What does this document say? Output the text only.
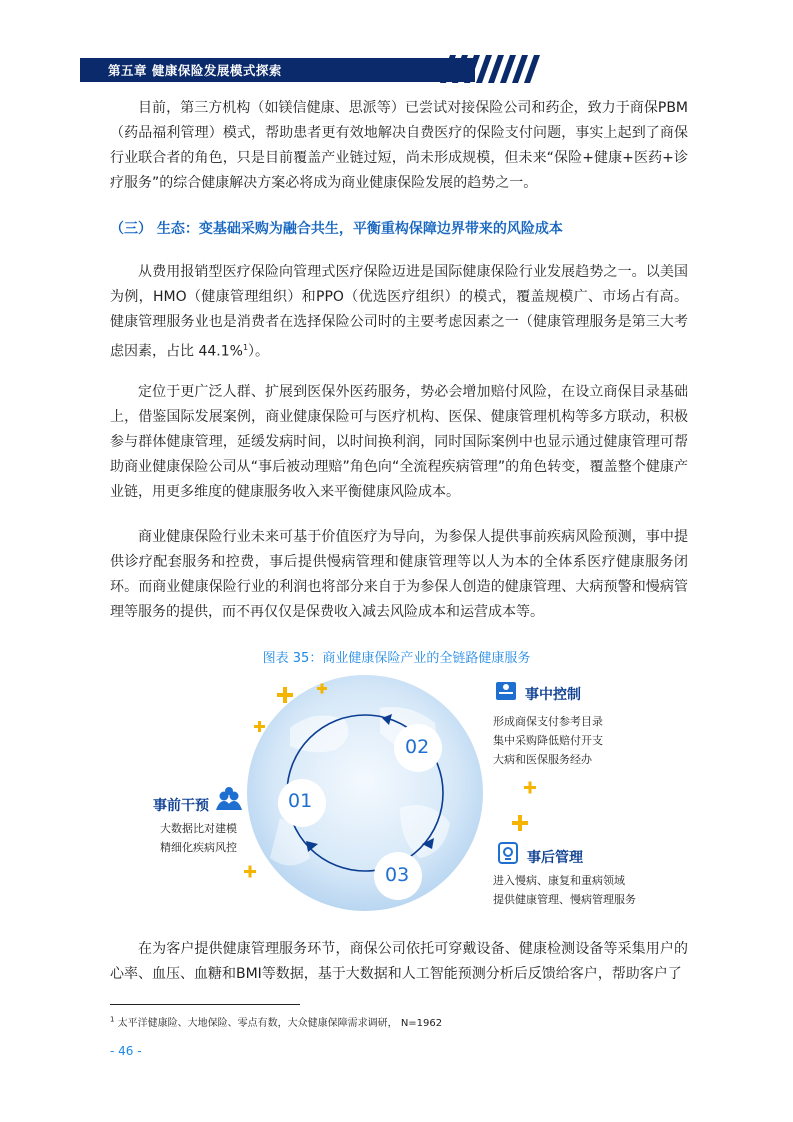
第五章 健康保险发展模式探索

目前，第三方机构（如镁信健康、思派等）已尝试对接保险公司和药企，致力于商保PBM（药品福利管理）模式，帮助患者更有效地解决自费医疗的保险支付问题，事实上起到了商保行业联合者的角色，只是目前覆盖产业链过短，尚未形成规模，但未来“保险+健康+医药+诊疗服务”的综合健康解决方案必将成为商业健康保险发展的趋势之一。

（三） 生态：变基础采购为融合共生，平衡重构保障边界带来的风险成本

从费用报销型医疗保险向管理式医疗保险迈进是国际健康保险行业发展趋势之一。以美国为例，HMO（健康管理组织）和PPO（优选医疗组织）的模式，覆盖规模广、市场占有高。健康管理服务业也是消费者在选择保险公司时的主要考虑因素之一（健康管理服务是第三大考虑因素，占比 44.1%$^1$）。

定位于更广泛人群、扩展到医保外医药服务，势必会增加赔付风险，在设立商保目录基础上，借鉴国际发展案例，商业健康保险可与医疗机构、医保、健康管理机构等多方联动，积极参与群体健康管理，延缓发病时间，以时间换利润，同时国际案例中也显示通过健康管理可帮助商业健康保险公司从“事后被动理赔”角色向“全流程疾病管理”的角色转变，覆盖整个健康产业链，用更多维度的健康服务收入来平衡健康风险成本。

商业健康保险行业未来可基于价值医疗为导向，为参保人提供事前疾病风险预测，事中提供诊疗配套服务和控费，事后提供慢病管理和健康管理等以人为本的全体系医疗健康服务闭环。而商业健康保险行业的利润也将部分来自于为参保人创造的健康管理、大病预警和慢病管理等服务的提供，而不再仅仅是保费收入减去风险成本和运营成本等。

图表 35：商业健康保险产业的全链路健康服务
01
02
03
事前干预
大数据比对建模
精细化疾病风控
事中控制
形成商保支付参考目录
集中采购降低赔付开支
大病和医保服务经办
事后管理
进入慢病、康复和重病领域
提供健康管理、慢病管理服务

在为客户提供健康管理服务环节，商保公司依托可穿戴设备、健康检测设备等采集用户的心率、血压、血糖和BMI等数据，基于大数据和人工智能预测分析后反馈给客户，帮助客户了

$^1$ 太平洋健康险、大地保险、零点有数，大众健康保障需求调研， N=1962
- 46 -
